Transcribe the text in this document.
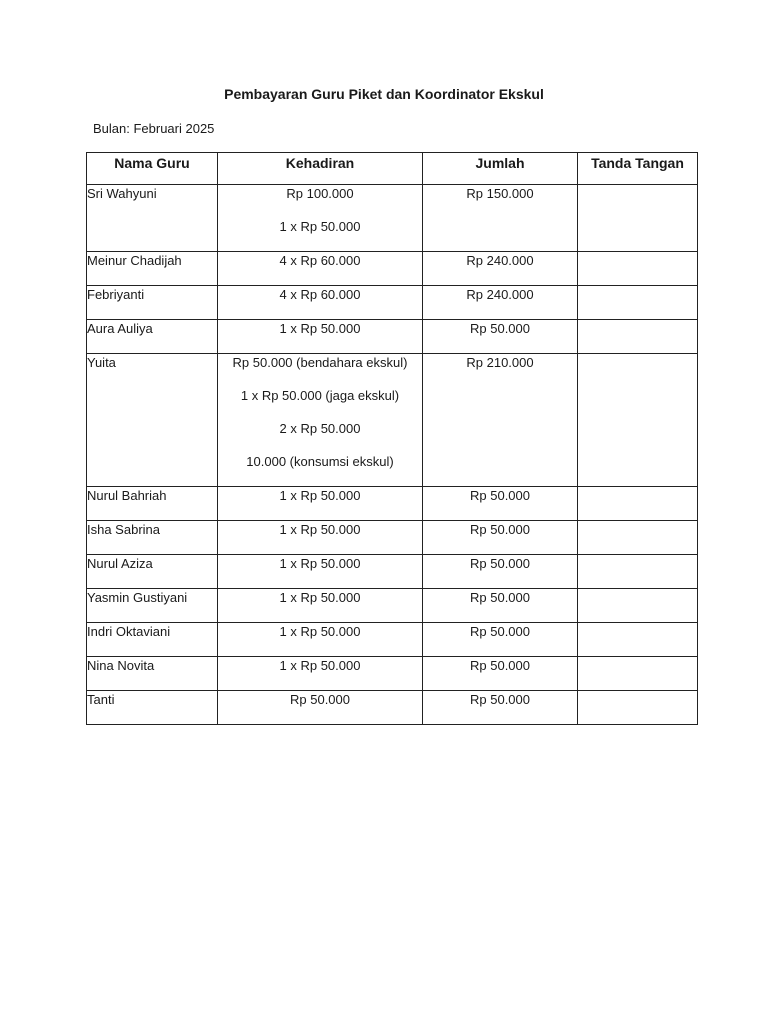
Pembayaran Guru Piket dan Koordinator Ekskul
Bulan: Februari 2025
Nama Guru	Kehadiran	Jumlah	Tanda Tangan

Sri Wahyuni	Rp 100.000
1 x Rp 50.000	Rp 150.000	

Meinur Chadijah	4 x Rp 60.000	Rp 240.000	

Febriyanti	4 x Rp 60.000	Rp 240.000	

Aura Auliya	1 x Rp 50.000	Rp 50.000	

Yuita	Rp 50.000 (bendahara ekskul)
1 x Rp 50.000 (jaga ekskul)
2 x Rp 50.000
10.000 (konsumsi ekskul)	Rp 210.000	

Nurul Bahriah	1 x Rp 50.000	Rp 50.000	

Isha Sabrina	1 x Rp 50.000	Rp 50.000	

Nurul Aziza	1 x Rp 50.000	Rp 50.000	

Yasmin Gustiyani	1 x Rp 50.000	Rp 50.000	

Indri Oktaviani	1 x Rp 50.000	Rp 50.000	

Nina Novita	1 x Rp 50.000	Rp 50.000	

Tanti	Rp 50.000	Rp 50.000	
